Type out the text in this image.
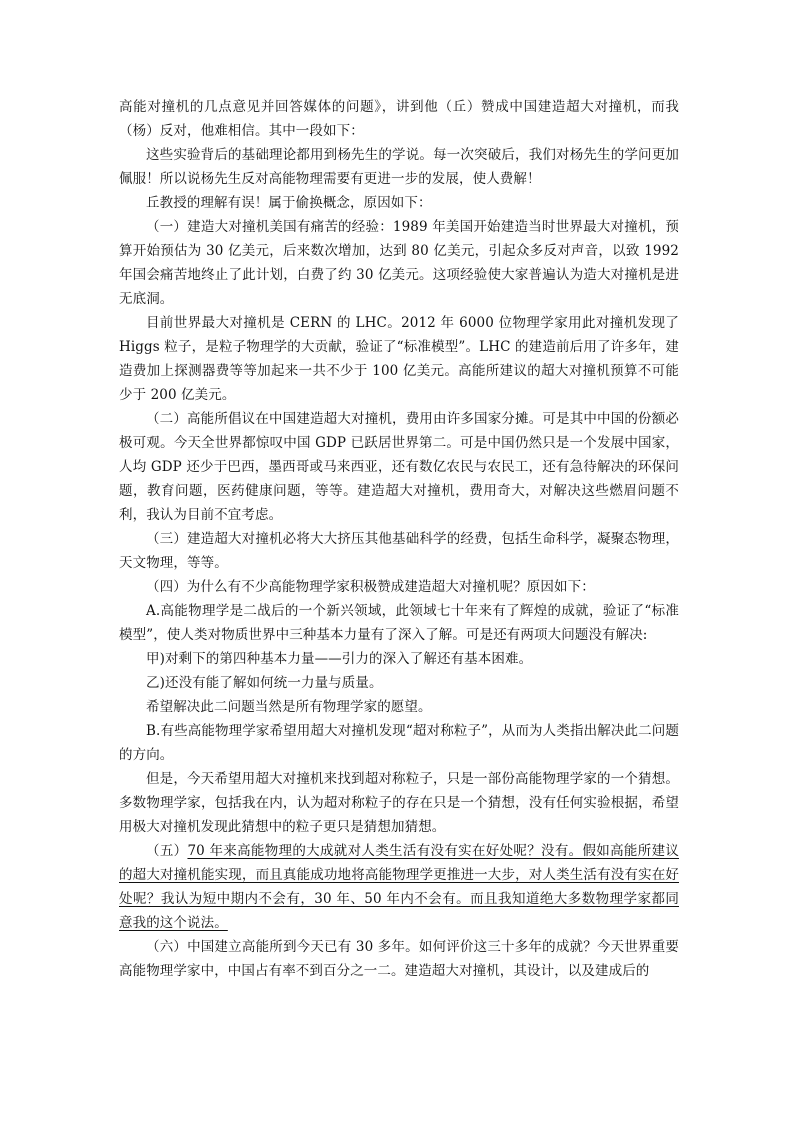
高能对撞机的几点意见并回答媒体的问题》，讲到他（丘）赞成中国建造超大对撞机，而我（杨）反对，他难相信。其中一段如下：

这些实验背后的基础理论都用到杨先生的学说。每一次突破后，我们对杨先生的学问更加佩服！所以说杨先生反对高能物理需要有更进一步的发展，使人费解！

丘教授的理解有误！属于偷换概念，原因如下：

（一）建造大对撞机美国有痛苦的经验：1989 年美国开始建造当时世界最大对撞机，预算开始预估为 30 亿美元，后来数次增加，达到 80 亿美元，引起众多反对声音，以致 1992 年国会痛苦地终止了此计划，白费了约 30 亿美元。这项经验使大家普遍认为造大对撞机是进无底洞。

目前世界最大对撞机是 CERN 的 LHC。2012 年 6000 位物理学家用此对撞机发现了 Higgs 粒子，是粒子物理学的大贡献，验证了“标准模型”。LHC 的建造前后用了许多年，建造费加上探测器费等等加起来一共不少于 100 亿美元。高能所建议的超大对撞机预算不可能少于 200 亿美元。

（二）高能所倡议在中国建造超大对撞机，费用由许多国家分摊。可是其中中国的份额必极可观。今天全世界都惊叹中国 GDP 已跃居世界第二。可是中国仍然只是一个发展中国家，人均 GDP 还少于巴西，墨西哥或马来西亚，还有数亿农民与农民工，还有急待解决的环保问题，教育问题，医药健康问题，等等。建造超大对撞机，费用奇大，对解决这些燃眉问题不利，我认为目前不宜考虑。

（三）建造超大对撞机必将大大挤压其他基础科学的经费，包括生命科学，凝聚态物理，天文物理，等等。

（四）为什么有不少高能物理学家积极赞成建造超大对撞机呢？原因如下：

A.高能物理学是二战后的一个新兴领域，此领域七十年来有了辉煌的成就，验证了“标准模型”，使人类对物质世界中三种基本力量有了深入了解。可是还有两项大问题没有解决:

甲)对剩下的第四种基本力量——引力的深入了解还有基本困难。

乙)还没有能了解如何统一力量与质量。

希望解决此二问题当然是所有物理学家的愿望。

B.有些高能物理学家希望用超大对撞机发现“超对称粒子”，从而为人类指出解决此二问题的方向。

但是，今天希望用超大对撞机来找到超对称粒子，只是一部份高能物理学家的一个猜想。多数物理学家，包括我在内，认为超对称粒子的存在只是一个猜想，没有任何实验根据，希望用极大对撞机发现此猜想中的粒子更只是猜想加猜想。

（五）70 年来高能物理的大成就对人类生活有没有实在好处呢？没有。假如高能所建议的超大对撞机能实现，而且真能成功地将高能物理学更推进一大步，对人类生活有没有实在好处呢？我认为短中期内不会有，30 年、50 年内不会有。而且我知道绝大多数物理学家都同意我的这个说法。

（六）中国建立高能所到今天已有 30 多年。如何评价这三十多年的成就？今天世界重要高能物理学家中，中国占有率不到百分之一二。建造超大对撞机，其设计，以及建成后的
